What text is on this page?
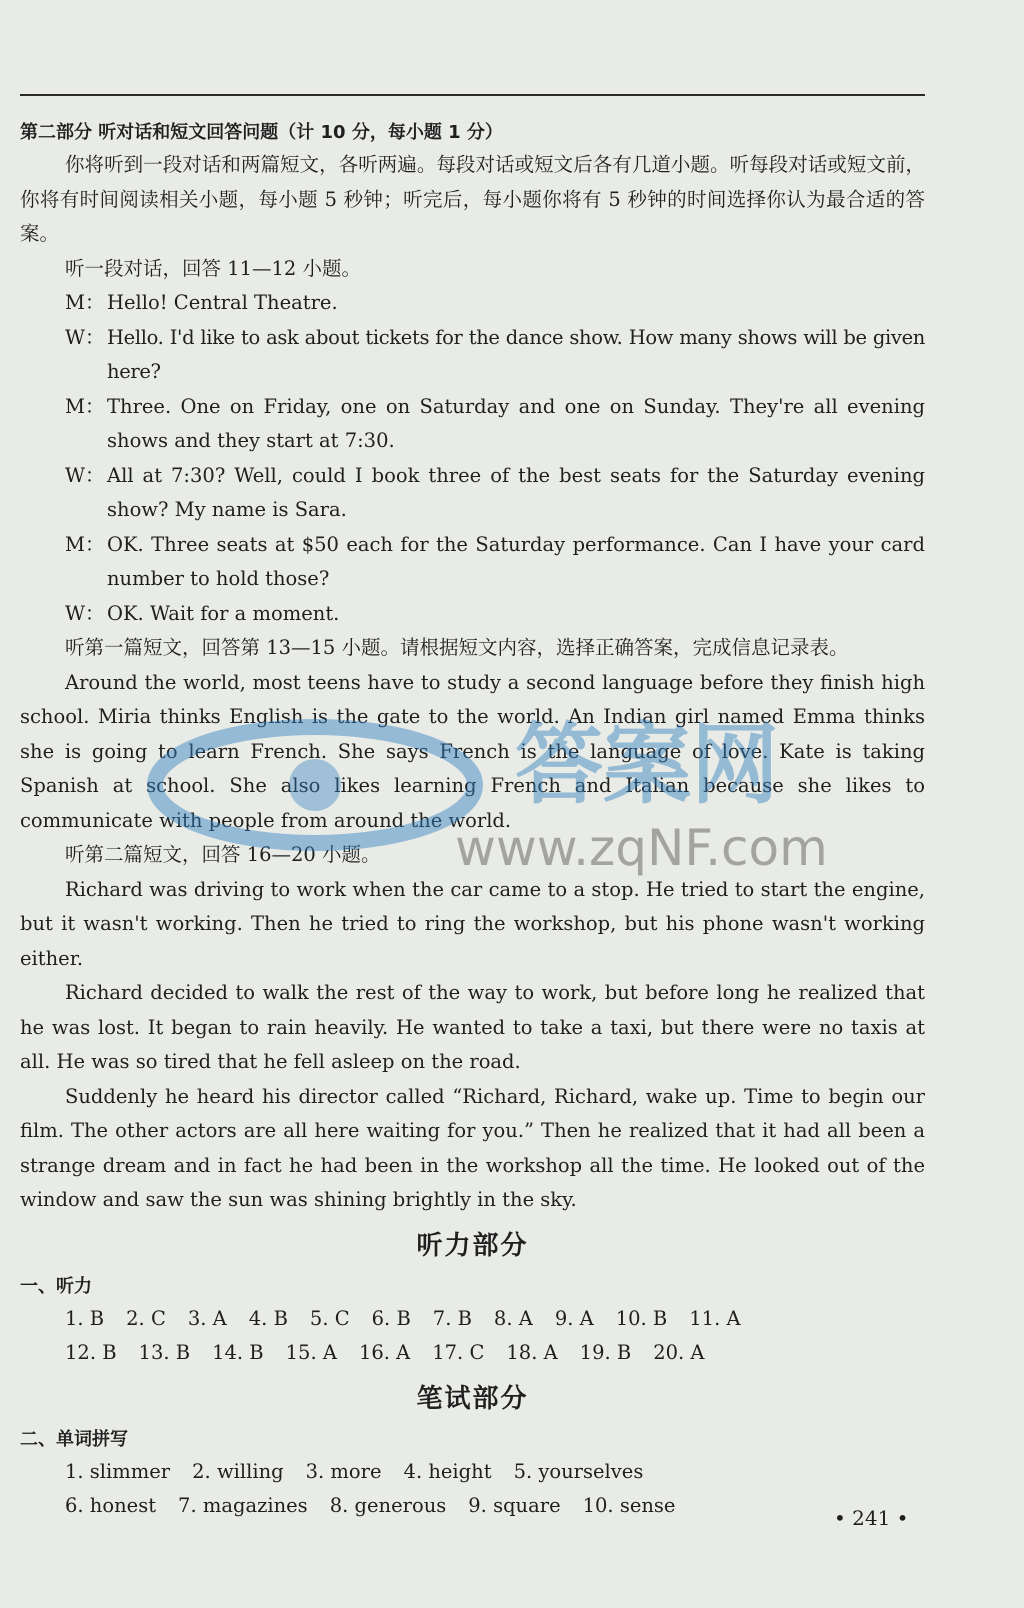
第二部分 听对话和短文回答问题（计 10 分，每小题 1 分）

你将听到一段对话和两篇短文，各听两遍。每段对话或短文后各有几道小题。听每段对话或短文前，你将有时间阅读相关小题，每小题 5 秒钟；听完后，每小题你将有 5 秒钟的时间选择你认为最合适的答案。

听一段对话，回答 11—12 小题。

M： Hello! Central Theatre.

W： Hello. I'd like to ask about tickets for the dance show. How many shows will be given here?

M： Three. One on Friday, one on Saturday and one on Sunday. They're all evening shows and they start at 7:30.

W： All at 7:30? Well, could I book three of the best seats for the Saturday evening show? My name is Sara.

M： OK. Three seats at $50 each for the Saturday performance. Can I have your card number to hold those?

W： OK. Wait for a moment.

听第一篇短文，回答第 13—15 小题。请根据短文内容，选择正确答案，完成信息记录表。

Around the world, most teens have to study a second language before they finish high school. Miria thinks English is the gate to the world. An Indian girl named Emma thinks she is going to learn French. She says French is the language of love. Kate is taking Spanish at school. She also likes learning French and Italian because she likes to communicate with people from around the world.

听第二篇短文，回答 16—20 小题。

Richard was driving to work when the car came to a stop. He tried to start the engine, but it wasn't working. Then he tried to ring the workshop, but his phone wasn't working either.

Richard decided to walk the rest of the way to work, but before long he realized that he was lost. It began to rain heavily. He wanted to take a taxi, but there were no taxis at all. He was so tired that he fell asleep on the road.

Suddenly he heard his director called “Richard, Richard, wake up. Time to begin our film. The other actors are all here waiting for you.” Then he realized that it had all been a strange dream and in fact he had been in the workshop all the time. He looked out of the window and saw the sun was shining brightly in the sky.

听力部分
一、听力
1. B 2. C 3. A 4. B 5. C 6. B 7. B 8. A 9. A 10. B 11. A
12. B 13. B 14. B 15. A 16. A 17. C 18. A 19. B 20. A
笔试部分
二、单词拼写
1. slimmer 2. willing 3. more 4. height 5. yourselves
6. honest 7. magazines 8. generous 9. square 10. sense
答案网
www.zqNF.com
• 241 •
